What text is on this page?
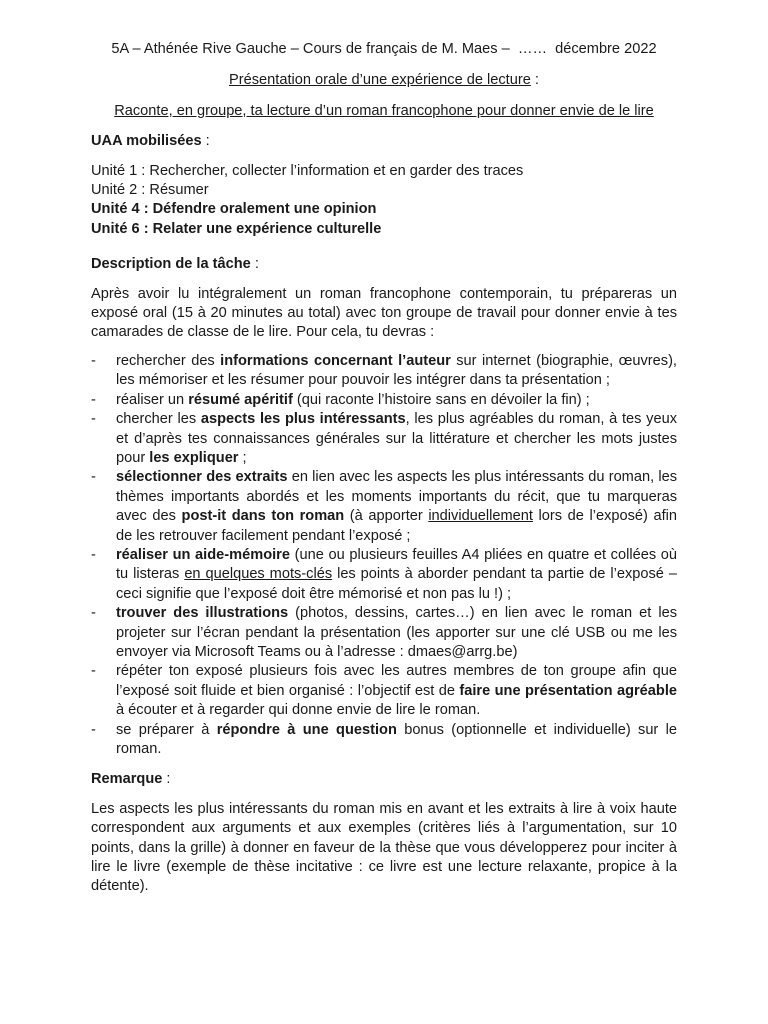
5A – Athénée Rive Gauche – Cours de français de M. Maes –  ……  décembre 2022

Présentation orale d’une expérience de lecture :

Raconte, en groupe, ta lecture d’un roman francophone pour donner envie de le lire

UAA mobilisées :

Unité 1 : Rechercher, collecter l’information et en garder des traces
Unité 2 : Résumer
Unité 4 : Défendre oralement une opinion
Unité 6 : Relater une expérience culturelle

Description de la tâche :

Après avoir lu intégralement un roman francophone contemporain, tu prépareras un exposé oral (15 à 20 minutes au total) avec ton groupe de travail pour donner envie à tes camarades de classe de le lire. Pour cela, tu devras :

- rechercher des informations concernant l’auteur sur internet (biographie, œuvres), les mémoriser et les résumer pour pouvoir les intégrer dans ta présentation ;
- réaliser un résumé apéritif (qui raconte l’histoire sans en dévoiler la fin) ;
- chercher les aspects les plus intéressants, les plus agréables du roman, à tes yeux et d’après tes connaissances générales sur la littérature et chercher les mots justes pour les expliquer ;
- sélectionner des extraits en lien avec les aspects les plus intéressants du roman, les thèmes importants abordés et les moments importants du récit, que tu marqueras avec des post-it dans ton roman (à apporter individuellement lors de l’exposé) afin de les retrouver facilement pendant l’exposé ;
- réaliser un aide-mémoire (une ou plusieurs feuilles A4 pliées en quatre et collées où tu listeras en quelques mots-clés les points à aborder pendant ta partie de l’exposé – ceci signifie que l’exposé doit être mémorisé et non pas lu !) ;
- trouver des illustrations (photos, dessins, cartes…) en lien avec le roman et les projeter sur l’écran pendant la présentation (les apporter sur une clé USB ou me les envoyer via Microsoft Teams ou à l’adresse : dmaes@arrg.be)
- répéter ton exposé plusieurs fois avec les autres membres de ton groupe afin que l’exposé soit fluide et bien organisé : l’objectif est de faire une présentation agréable à écouter et à regarder qui donne envie de lire le roman.
- se préparer à répondre à une question bonus (optionnelle et individuelle) sur le roman.

Remarque :

Les aspects les plus intéressants du roman mis en avant et les extraits à lire à voix haute correspondent aux arguments et aux exemples (critères liés à l’argumentation, sur 10 points, dans la grille) à donner en faveur de la thèse que vous développerez pour inciter à lire le livre (exemple de thèse incitative : ce livre est une lecture relaxante, propice à la détente).
